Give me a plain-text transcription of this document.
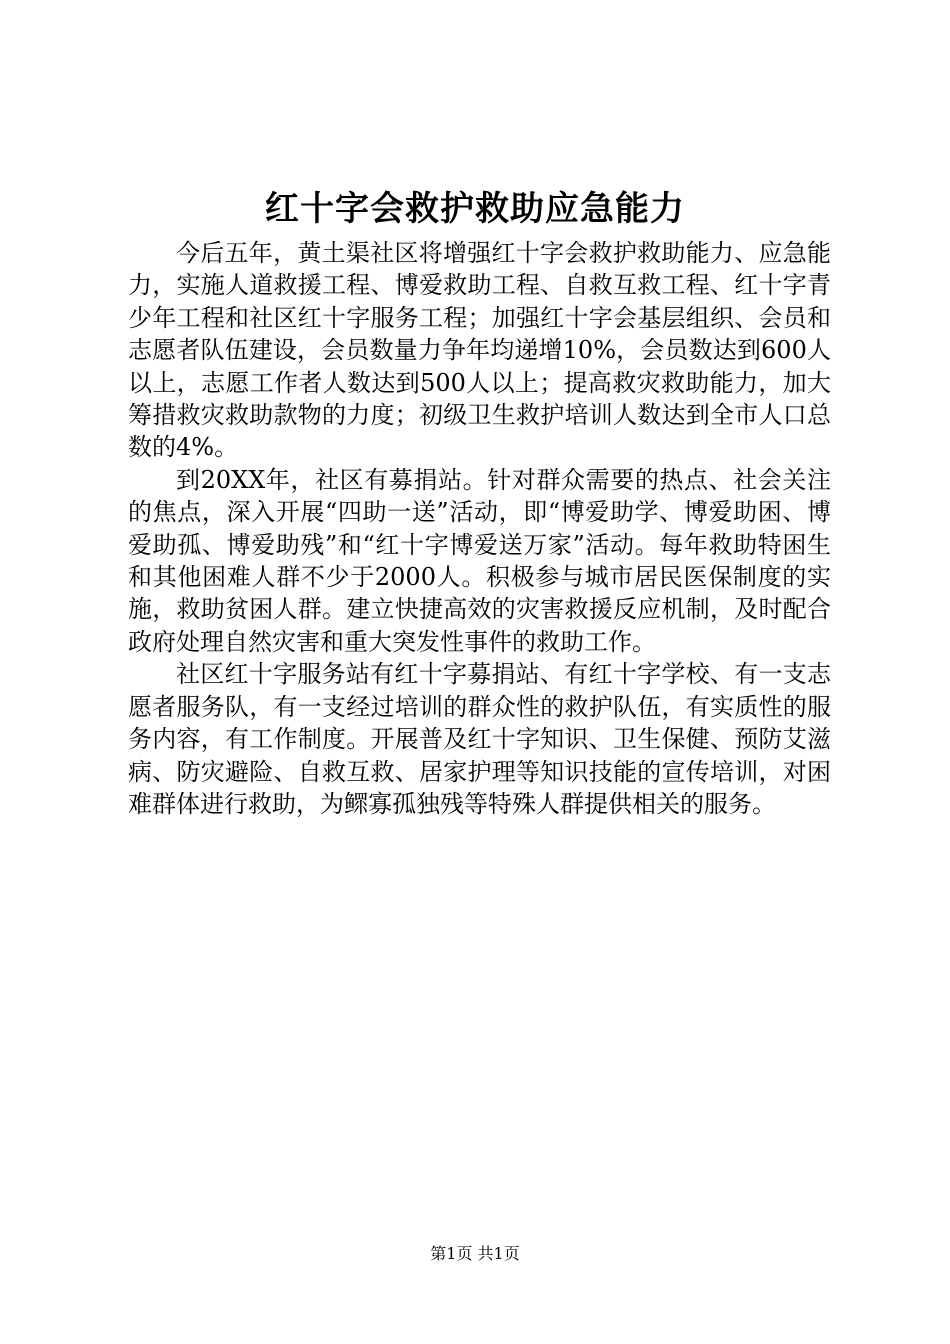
红十字会救护救助应急能力

今后五年，黄土渠社区将增强红十字会救护救助能力、应急能力，实施人道救援工程、博爱救助工程、自救互救工程、红十字青少年工程和社区红十字服务工程；加强红十字会基层组织、会员和志愿者队伍建设，会员数量力争年均递增10%，会员数达到600人以上，志愿工作者人数达到500人以上；提高救灾救助能力，加大筹措救灾救助款物的力度；初级卫生救护培训人数达到全市人口总数的4%。

到20XX年，社区有募捐站。针对群众需要的热点、社会关注的焦点，深入开展“四助一送”活动，即“博爱助学、博爱助困、博爱助孤、博爱助残”和“红十字博爱送万家”活动。每年救助特困生和其他困难人群不少于2000人。积极参与城市居民医保制度的实施，救助贫困人群。建立快捷高效的灾害救援反应机制，及时配合政府处理自然灾害和重大突发性事件的救助工作。

社区红十字服务站有红十字募捐站、有红十字学校、有一支志愿者服务队，有一支经过培训的群众性的救护队伍，有实质性的服务内容，有工作制度。开展普及红十字知识、卫生保健、预防艾滋病、防灾避险、自救互救、居家护理等知识技能的宣传培训，对困难群体进行救助，为鳏寡孤独残等特殊人群提供相关的服务。

第1页 共1页
